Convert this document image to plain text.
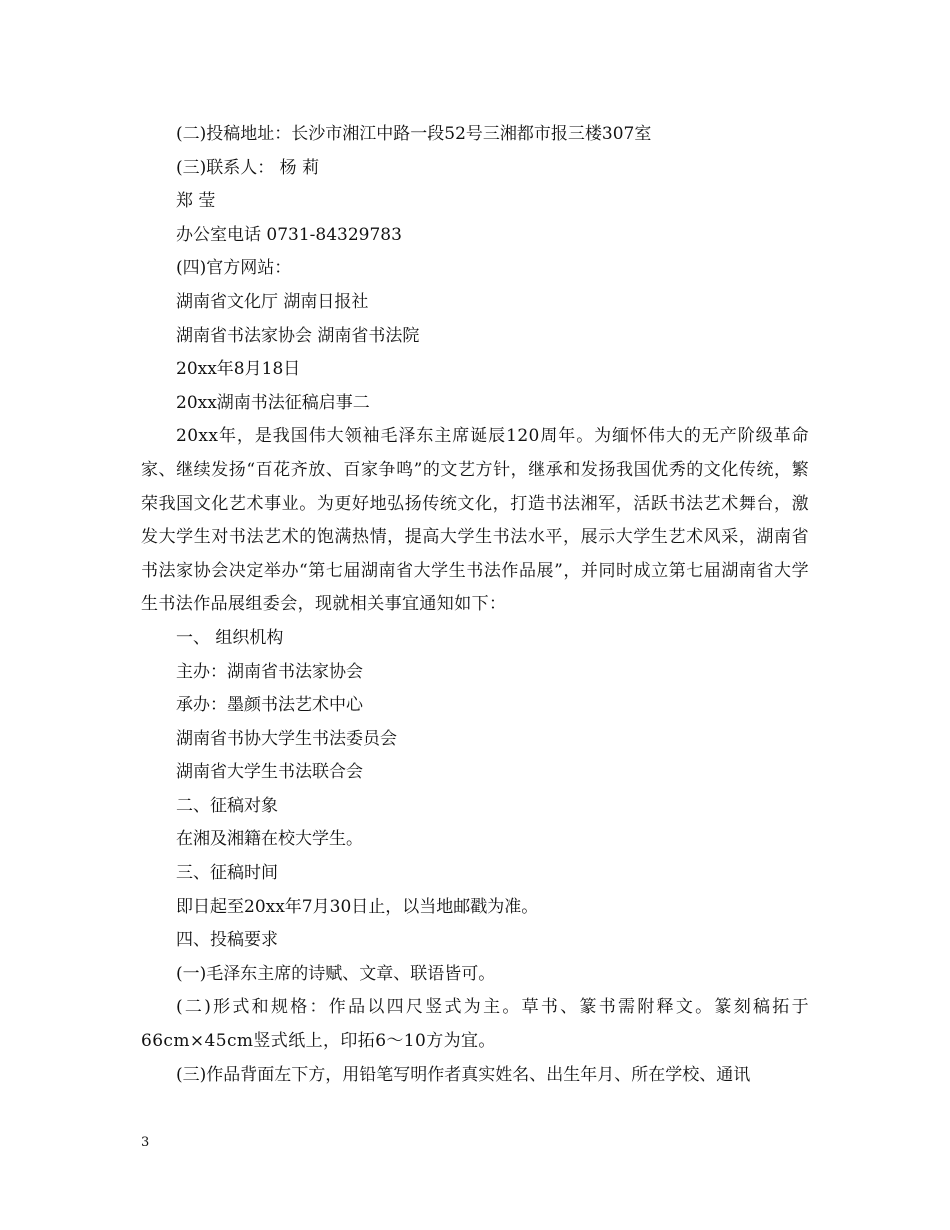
(二)投稿地址：长沙市湘江中路一段52号三湘都市报三楼307室
(三)联系人： 杨 莉
郑 莹
办公室电话 0731-84329783
(四)官方网站：
湖南省文化厅 湖南日报社
湖南省书法家协会 湖南省书法院
20xx年8月18日
20xx湖南书法征稿启事二

20xx年，是我国伟大领袖毛泽东主席诞辰120周年。为缅怀伟大的无产阶级革命家、继续发扬“百花齐放、百家争鸣”的文艺方针，继承和发扬我国优秀的文化传统，繁荣我国文化艺术事业。为更好地弘扬传统文化，打造书法湘军，活跃书法艺术舞台，激发大学生对书法艺术的饱满热情，提高大学生书法水平，展示大学生艺术风采，湖南省书法家协会决定举办“第七届湖南省大学生书法作品展”，并同时成立第七届湖南省大学生书法作品展组委会，现就相关事宜通知如下：

一、 组织机构
主办：湖南省书法家协会
承办：墨颜书法艺术中心
湖南省书协大学生书法委员会
湖南省大学生书法联合会
二、征稿对象
在湘及湘籍在校大学生。
三、征稿时间
即日起至20xx年7月30日止，以当地邮戳为准。
四、投稿要求
(一)毛泽东主席的诗赋、文章、联语皆可。

(二)形式和规格：作品以四尺竖式为主。草书、篆书需附释文。篆刻稿拓于66cm×45cm竖式纸上，印拓6～10方为宜。

(三)作品背面左下方，用铅笔写明作者真实姓名、出生年月、所在学校、通讯
3
